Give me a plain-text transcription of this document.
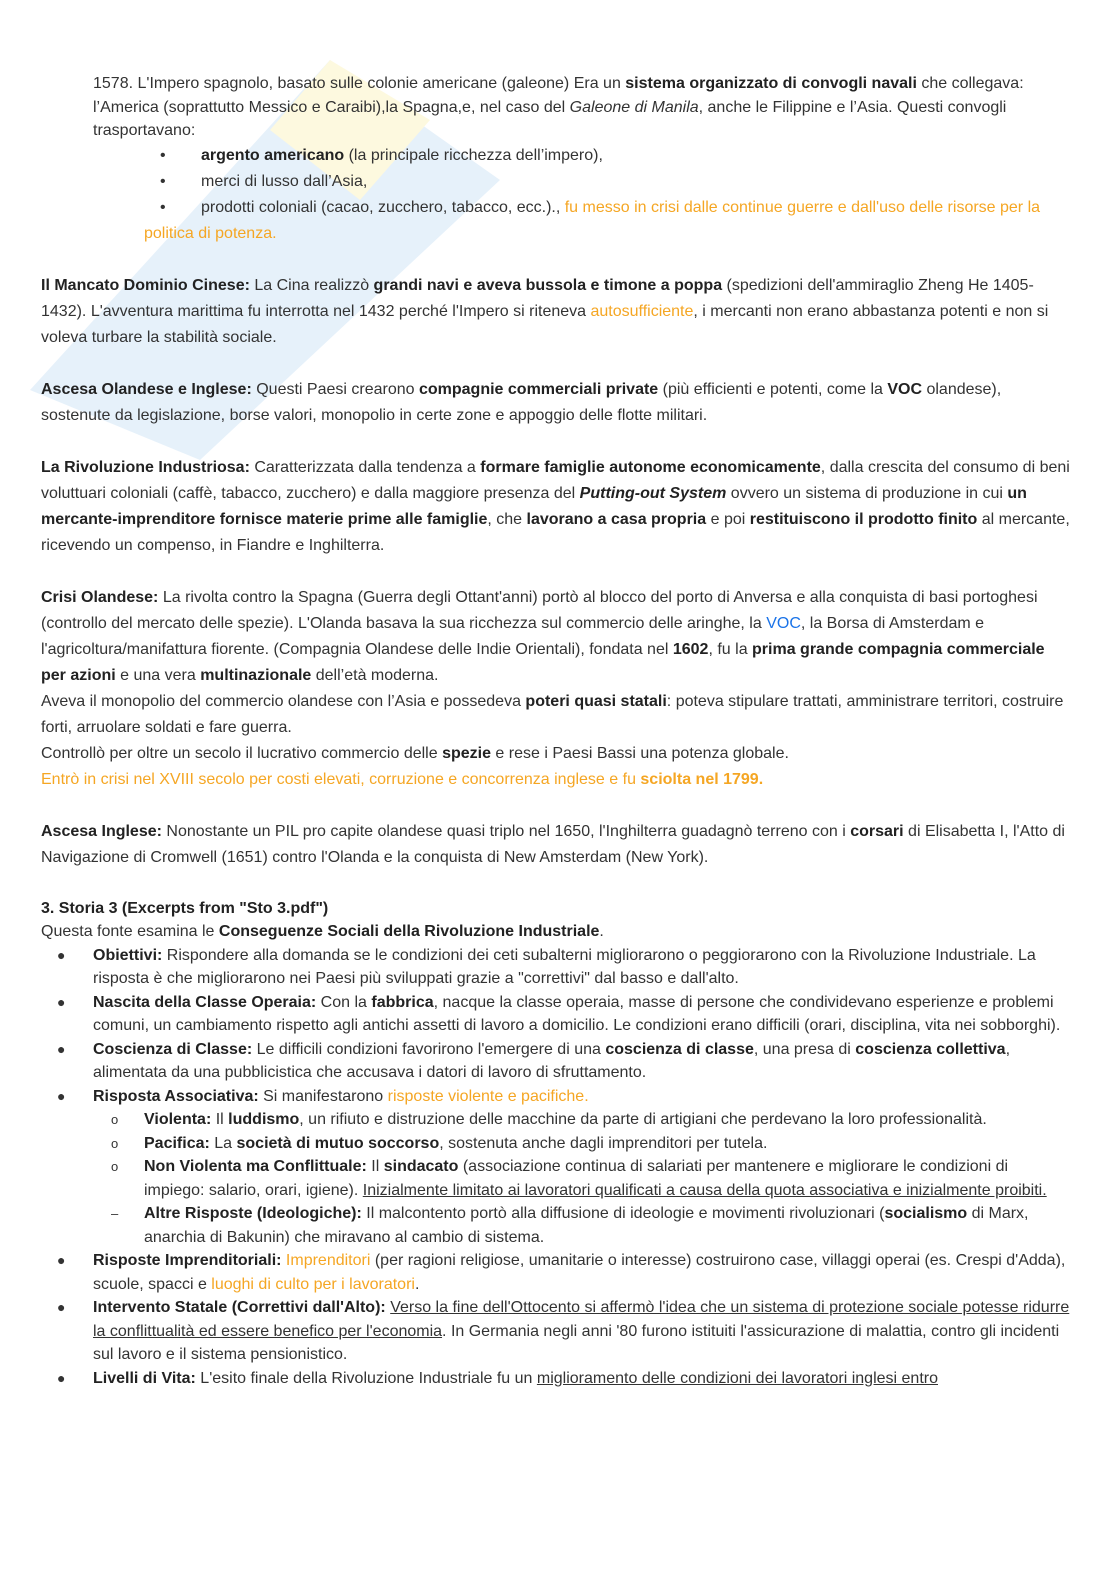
1578. L'Impero spagnolo, basato sulle colonie americane (galeone) Era un sistema organizzato di convogli navali che collegava: l’America (soprattutto Messico e Caraibi),la Spagna,e, nel caso del Galeone di Manila, anche le Filippine e l’Asia. Questi convogli trasportavano:
• argento americano (la principale ricchezza dell’impero),
• merci di lusso dall’Asia,
• prodotti coloniali (cacao, zucchero, tabacco, ecc.)., fu messo in crisi dalle continue guerre e dall'uso delle risorse per la politica di potenza.
Il Mancato Dominio Cinese: La Cina realizzò grandi navi e aveva bussola e timone a poppa (spedizioni dell'ammiraglio Zheng He 1405-1432). L'avventura marittima fu interrotta nel 1432 perché l'Impero si riteneva autosufficiente, i mercanti non erano abbastanza potenti e non si voleva turbare la stabilità sociale.
Ascesa Olandese e Inglese: Questi Paesi crearono compagnie commerciali private (più efficienti e potenti, come la VOC olandese), sostenute da legislazione, borse valori, monopolio in certe zone e appoggio delle flotte militari.
La Rivoluzione Industriosa: Caratterizzata dalla tendenza a formare famiglie autonome economicamente, dalla crescita del consumo di beni voluttuari coloniali (caffè, tabacco, zucchero) e dalla maggiore presenza del Putting-out System ovvero un sistema di produzione in cui un mercante-imprenditore fornisce materie prime alle famiglie, che lavorano a casa propria e poi restituiscono il prodotto finito al mercante, ricevendo un compenso, in Fiandre e Inghilterra.
Crisi Olandese: La rivolta contro la Spagna (Guerra degli Ottant'anni) portò al blocco del porto di Anversa e alla conquista di basi portoghesi (controllo del mercato delle spezie). L'Olanda basava la sua ricchezza sul commercio delle aringhe, la VOC, la Borsa di Amsterdam e l'agricoltura/manifattura fiorente. (Compagnia Olandese delle Indie Orientali), fondata nel 1602, fu la prima grande compagnia commerciale per azioni e una vera multinazionale dell’età moderna.
Aveva il monopolio del commercio olandese con l’Asia e possedeva poteri quasi statali: poteva stipulare trattati, amministrare territori, costruire forti, arruolare soldati e fare guerra.
Controllò per oltre un secolo il lucrativo commercio delle spezie e rese i Paesi Bassi una potenza globale.
Entrò in crisi nel XVIII secolo per costi elevati, corruzione e concorrenza inglese e fu sciolta nel 1799.
Ascesa Inglese: Nonostante un PIL pro capite olandese quasi triplo nel 1650, l'Inghilterra guadagnò terreno con i corsari di Elisabetta I, l'Atto di Navigazione di Cromwell (1651) contro l'Olanda e la conquista di New Amsterdam (New York).
3. Storia 3 (Excerpts from "Sto 3.pdf")
Questa fonte esamina le Conseguenze Sociali della Rivoluzione Industriale.
● Obiettivi: Rispondere alla domanda se le condizioni dei ceti subalterni migliorarono o peggiorarono con la Rivoluzione Industriale. La risposta è che migliorarono nei Paesi più sviluppati grazie a "correttivi" dal basso e dall'alto.
● Nascita della Classe Operaia: Con la fabbrica, nacque la classe operaia, masse di persone che condividevano esperienze e problemi comuni, un cambiamento rispetto agli antichi assetti di lavoro a domicilio. Le condizioni erano difficili (orari, disciplina, vita nei sobborghi).
● Coscienza di Classe: Le difficili condizioni favorirono l'emergere di una coscienza di classe, una presa di coscienza collettiva, alimentata da una pubblicistica che accusava i datori di lavoro di sfruttamento.
● Risposta Associativa: Si manifestarono risposte violente e pacifiche.
o Violenta: Il luddismo, un rifiuto e distruzione delle macchine da parte di artigiani che perdevano la loro professionalità.
o Pacifica: La società di mutuo soccorso, sostenuta anche dagli imprenditori per tutela.
o Non Violenta ma Conflittuale: Il sindacato (associazione continua di salariati per mantenere e migliorare le condizioni di impiego: salario, orari, igiene). Inizialmente limitato ai lavoratori qualificati a causa della quota associativa e inizialmente proibiti.
– Altre Risposte (Ideologiche): Il malcontento portò alla diffusione di ideologie e movimenti rivoluzionari (socialismo di Marx, anarchia di Bakunin) che miravano al cambio di sistema.
● Risposte Imprenditoriali: Imprenditori (per ragioni religiose, umanitarie o interesse) costruirono case, villaggi operai (es. Crespi d'Adda), scuole, spacci e luoghi di culto per i lavoratori.
● Intervento Statale (Correttivi dall'Alto): Verso la fine dell'Ottocento si affermò l'idea che un sistema di protezione sociale potesse ridurre la conflittualità ed essere benefico per l'economia. In Germania negli anni '80 furono istituiti l'assicurazione di malattia, contro gli incidenti sul lavoro e il sistema pensionistico.
● Livelli di Vita: L'esito finale della Rivoluzione Industriale fu un miglioramento delle condizioni dei lavoratori inglesi entro
